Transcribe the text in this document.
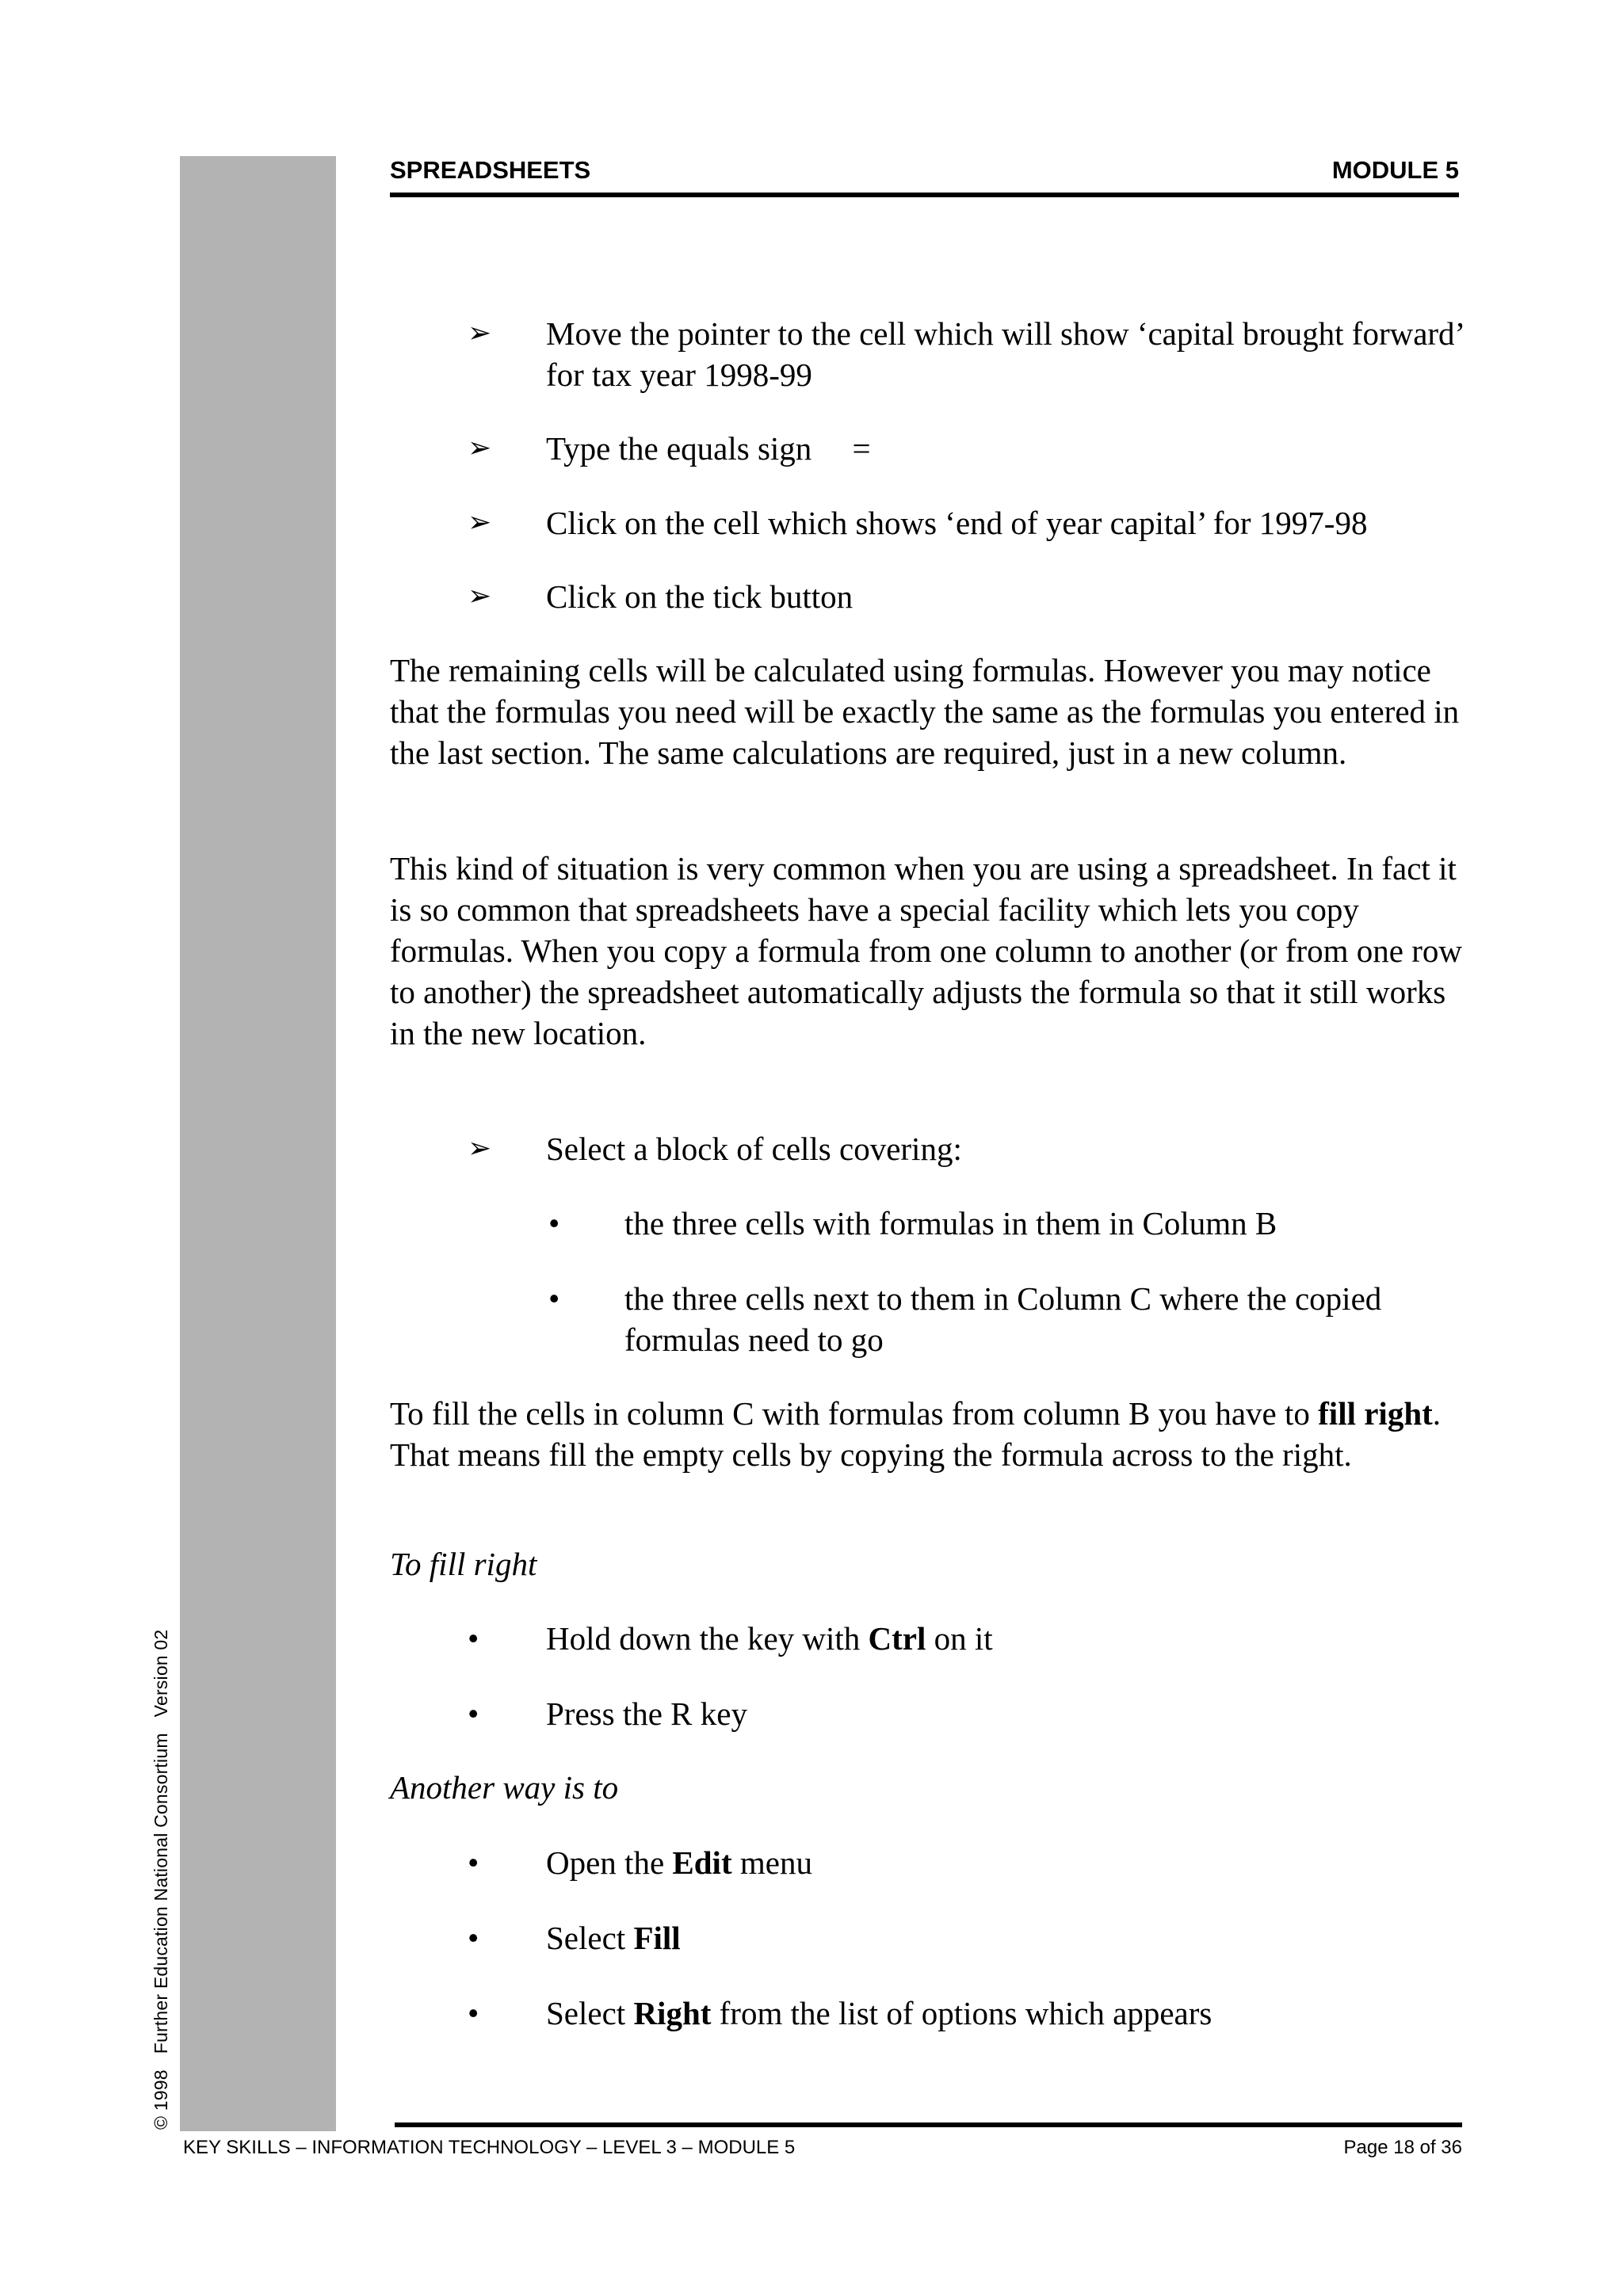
© 1998Further Education National ConsortiumVersion 02
SPREADSHEETS	MODULE 5
➢ Move the pointer to the cell which will show ‘capital brought forward’ for tax year 1998-99

➢ Type the equals sign     =

➢ Click on the cell which shows ‘end of year capital’ for 1997-98

➢ Click on the tick button

The remaining cells will be calculated using formulas. However you may notice that the formulas you need will be exactly the same as the formulas you entered in the last section. The same calculations are required, just in a new column.

This kind of situation is very common when you are using a spreadsheet. In fact it is so common that spreadsheets have a special facility which lets you copy formulas. When you copy a formula from one column to another (or from one row to another) the spreadsheet automatically adjusts the formula so that it still works in the new location.

➢ Select a block of cells covering:

• the three cells with formulas in them in Column B

• the three cells next to them in Column C where the copied formulas need to go

To fill the cells in column C with formulas from column B you have to fill right. That means fill the empty cells by copying the formula across to the right.

To fill right
• Hold down the key with Ctrl on it

• Press the R key

Another way is to
• Open the Edit menu

• Select Fill

• Select Right from the list of options which appears

KEY SKILLS – INFORMATION TECHNOLOGY – LEVEL 3 – MODULE 5	Page 18 of 36
